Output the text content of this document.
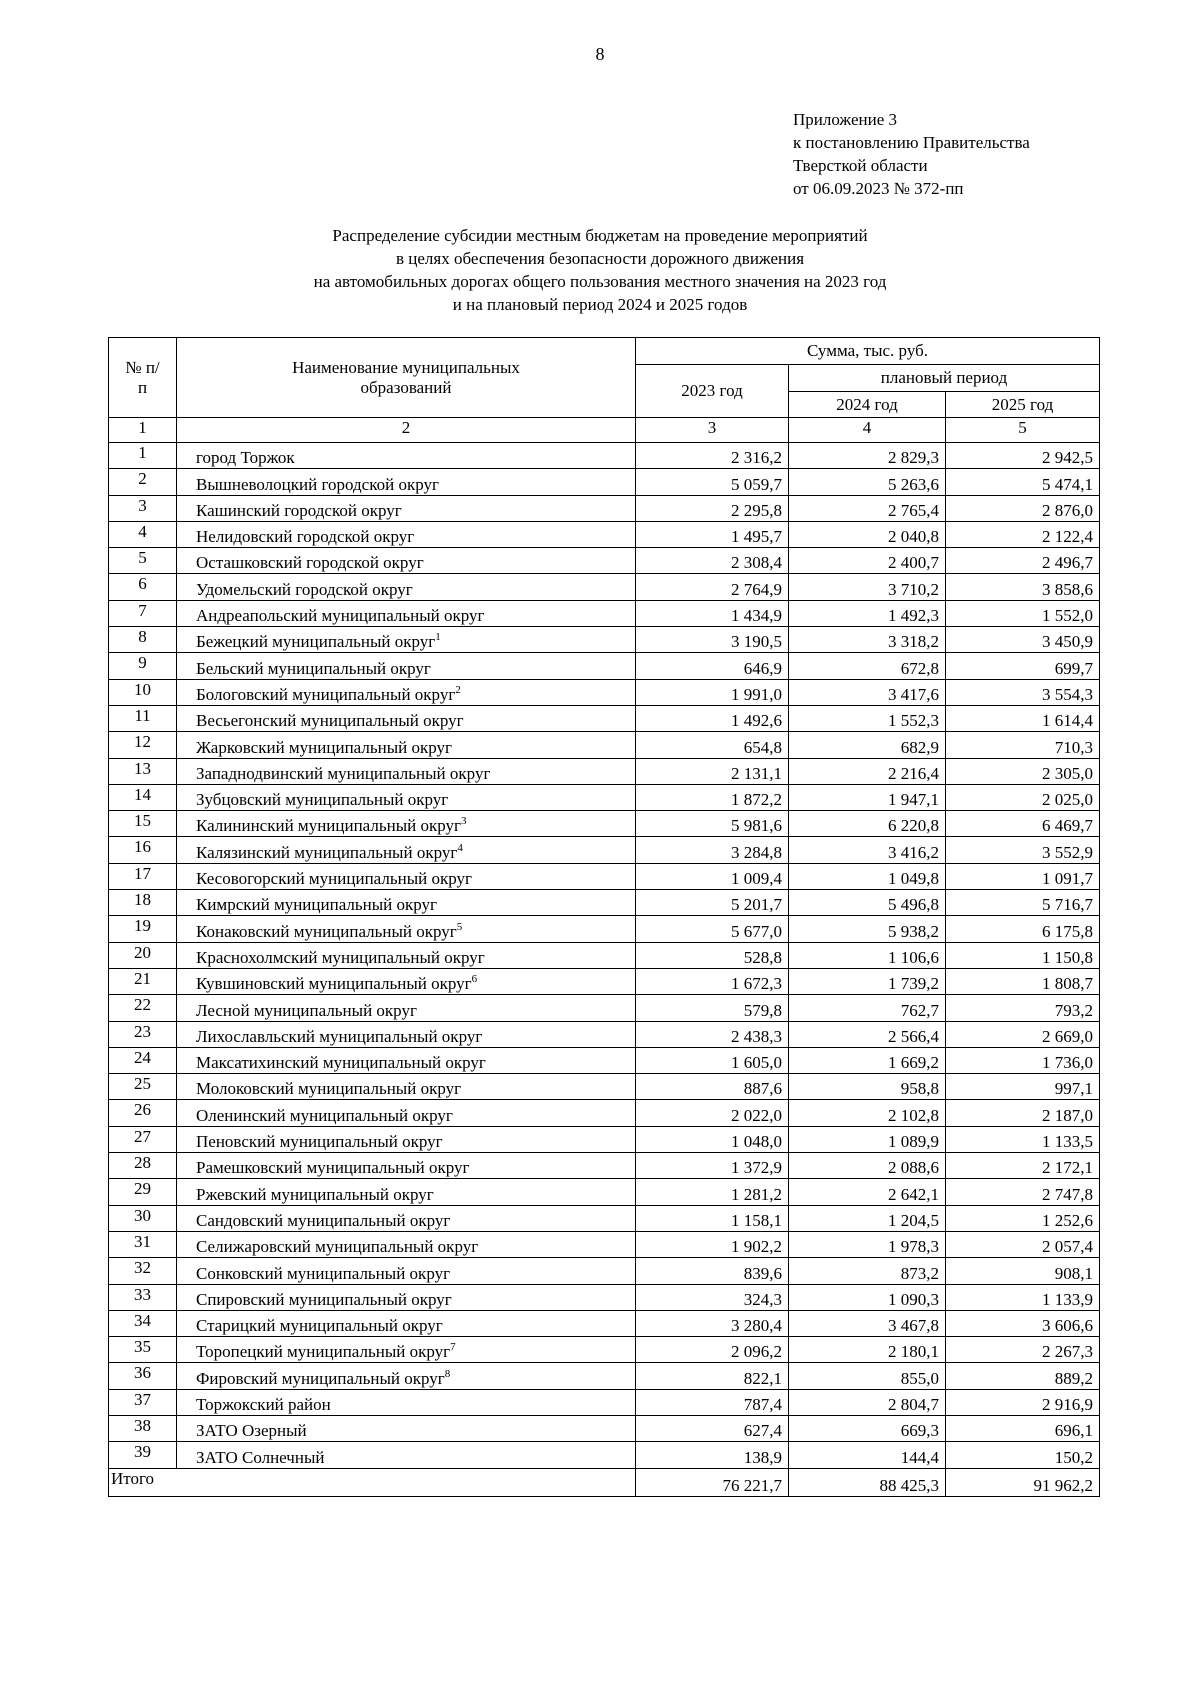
8
Приложение 3
к постановлению Правительства
Тверсткой области
от 06.09.2023 № 372-пп
Распределение субсидии местным бюджетам на проведение мероприятий
в целях обеспечения безопасности дорожного движения
на автомобильных дорогах общего пользования местного значения на 2023 год
и на плановый период 2024 и 2025 годов
№ п/п	Наименование муниципальных образований	Сумма, тыс. руб.		
		2023 год	плановый период	
			2024 год	2025 год
1	2	3	4	5
1	город Торжок	2 316,2	2 829,3	2 942,5
2	Вышневолоцкий городской округ	5 059,7	5 263,6	5 474,1
3	Кашинский городской округ	2 295,8	2 765,4	2 876,0
4	Нелидовский городской округ	1 495,7	2 040,8	2 122,4
5	Осташковский городской округ	2 308,4	2 400,7	2 496,7
6	Удомельский городской округ	2 764,9	3 710,2	3 858,6
7	Андреапольский муниципальный округ	1 434,9	1 492,3	1 552,0
8	Бежецкий муниципальный округ$^1$	3 190,5	3 318,2	3 450,9
9	Бельский муниципальный округ	646,9	672,8	699,7
10	Бологовский муниципальный округ$^2$	1 991,0	3 417,6	3 554,3
11	Весьегонский муниципальный округ	1 492,6	1 552,3	1 614,4
12	Жарковский муниципальный округ	654,8	682,9	710,3
13	Западнодвинский муниципальный округ	2 131,1	2 216,4	2 305,0
14	Зубцовский муниципальный округ	1 872,2	1 947,1	2 025,0
15	Калининский муниципальный округ$^3$	5 981,6	6 220,8	6 469,7
16	Калязинский муниципальный округ$^4$	3 284,8	3 416,2	3 552,9
17	Кесовогорский муниципальный округ	1 009,4	1 049,8	1 091,7
18	Кимрский муниципальный округ	5 201,7	5 496,8	5 716,7
19	Конаковский муниципальный округ$^5$	5 677,0	5 938,2	6 175,8
20	Краснохолмский муниципальный округ	528,8	1 106,6	1 150,8
21	Кувшиновский муниципальный округ$^6$	1 672,3	1 739,2	1 808,7
22	Лесной муниципальный округ	579,8	762,7	793,2
23	Лихославльский муниципальный округ	2 438,3	2 566,4	2 669,0
24	Максатихинский муниципальный округ	1 605,0	1 669,2	1 736,0
25	Молоковский муниципальный округ	887,6	958,8	997,1
26	Оленинский муниципальный округ	2 022,0	2 102,8	2 187,0
27	Пеновский муниципальный округ	1 048,0	1 089,9	1 133,5
28	Рамешковский муниципальный округ	1 372,9	2 088,6	2 172,1
29	Ржевский муниципальный округ	1 281,2	2 642,1	2 747,8
30	Сандовский муниципальный округ	1 158,1	1 204,5	1 252,6
31	Селижаровский муниципальный округ	1 902,2	1 978,3	2 057,4
32	Сонковский муниципальный округ	839,6	873,2	908,1
33	Спировский муниципальный округ	324,3	1 090,3	1 133,9
34	Старицкий муниципальный округ	3 280,4	3 467,8	3 606,6
35	Торопецкий муниципальный округ$^7$	2 096,2	2 180,1	2 267,3
36	Фировский муниципальный округ$^8$	822,1	855,0	889,2
37	Торжокский район	787,4	2 804,7	2 916,9
38	ЗАТО Озерный	627,4	669,3	696,1
39	ЗАТО Солнечный	138,9	144,4	150,2
Итого		76 221,7	88 425,3	91 962,2
